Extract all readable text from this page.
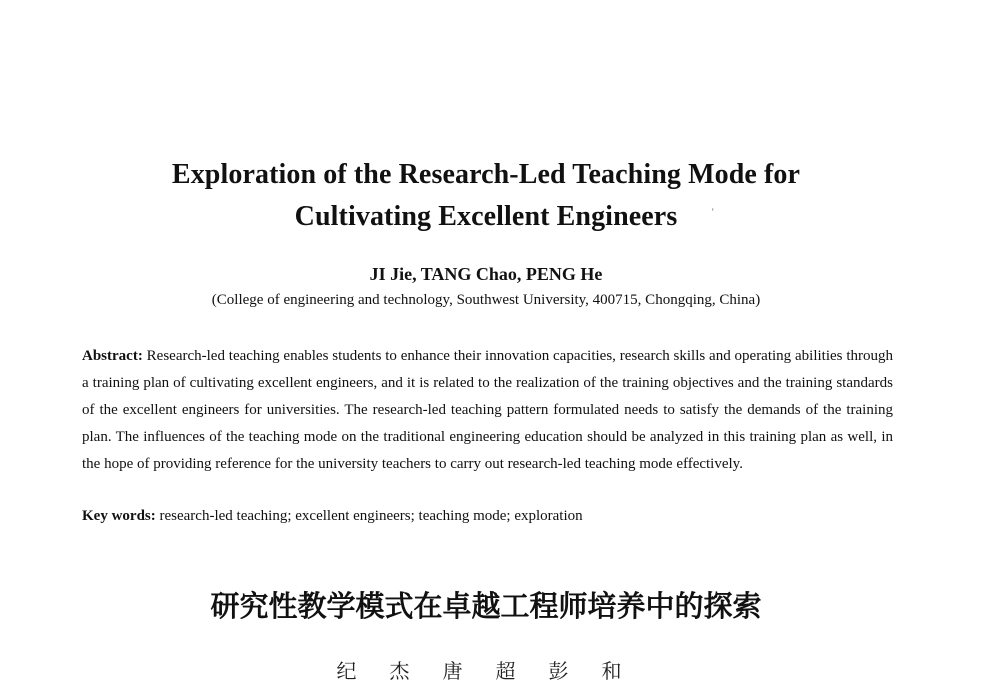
Exploration of the Research-Led Teaching Mode for
Cultivating Excellent Engineers	'
JI Jie, TANG Chao, PENG He
(College of engineering and technology, Southwest University, 400715, Chongqing, China)

Abstract: Research-led teaching enables students to enhance their innovation capacities, research skills and operating abilities through a training plan of cultivating excellent engineers, and it is related to the realization of the training objectives and the training standards of the excellent engineers for universities. The research-led teaching pattern formulated needs to satisfy the demands of the training plan. The influences of the teaching mode on the traditional engineering education should be analyzed in this training plan as well, in the hope of providing reference for the university teachers to carry out research-led teaching mode effectively.

Key words: research-led teaching; excellent engineers; teaching mode; exploration

研究性教学模式在卓越工程师培养中的探索
纪 杰 唐 超 彭 和
